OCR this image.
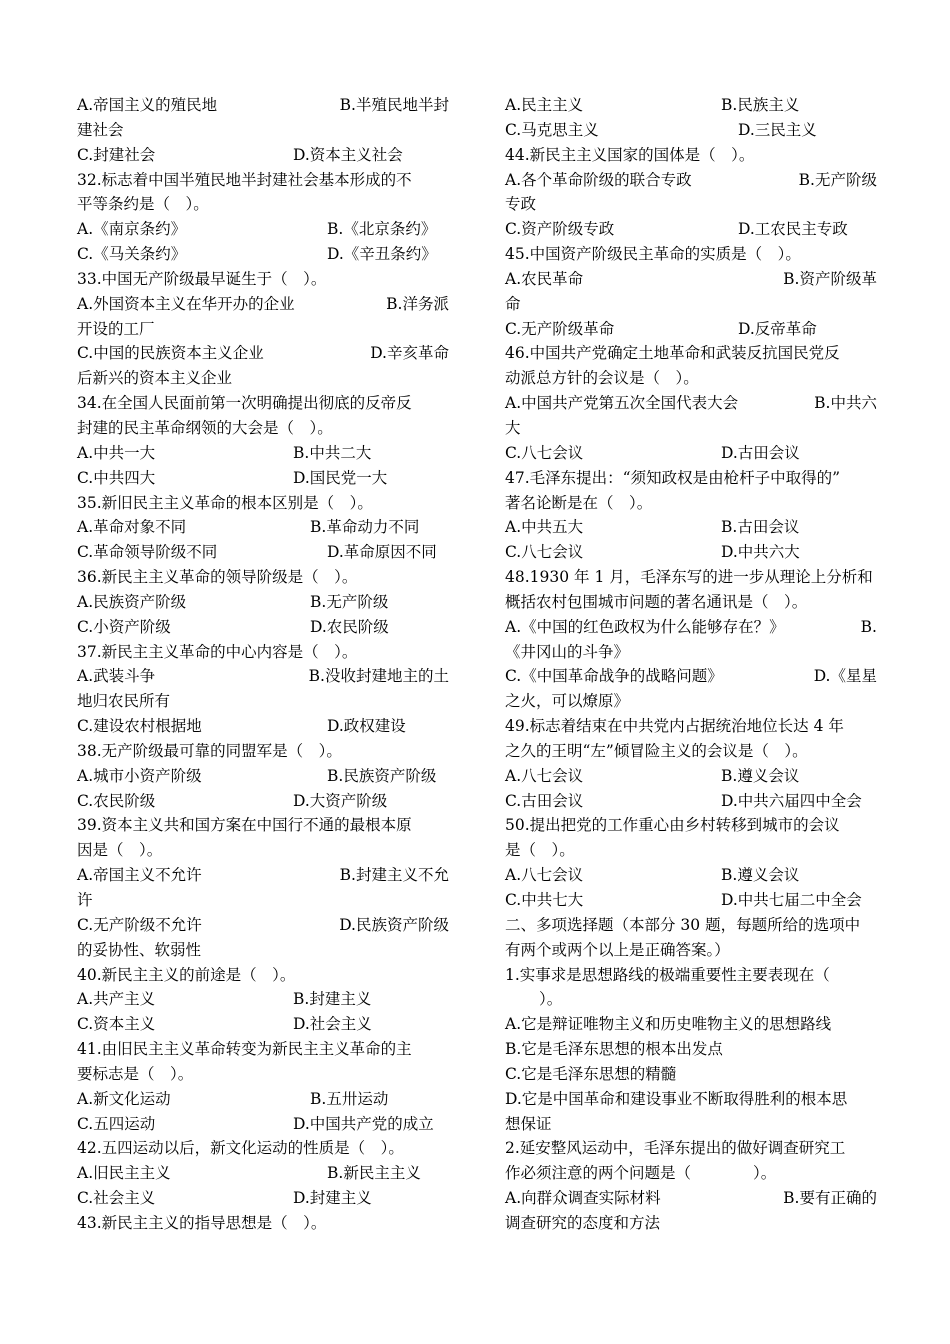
A.帝国主义的殖民地	B.半殖民地半封
建社会
C.封建社会	D.资本主义社会
32.标志着中国半殖民地半封建社会基本形成的不
平等条约是（　）。
A.《南京条约》	B.《北京条约》
C.《马关条约》	D.《辛丑条约》
33.中国无产阶级最早诞生于（　）。
A.外国资本主义在华开办的企业	B.洋务派
开设的工厂
C.中国的民族资本主义企业	D.辛亥革命
后新兴的资本主义企业
34.在全国人民面前第一次明确提出彻底的反帝反
封建的民主革命纲领的大会是（　）。
A.中共一大	B.中共二大
C.中共四大	D.国民党一大
35.新旧民主主义革命的根本区别是（　）。
A.革命对象不同	B.革命动力不同
C.革命领导阶级不同	D.革命原因不同
36.新民主主义革命的领导阶级是（　）。
A.民族资产阶级	B.无产阶级
C.小资产阶级	D.农民阶级
37.新民主主义革命的中心内容是（　）。
A.武装斗争	B.没收封建地主的土
地归农民所有
C.建设农村根据地	D.政权建设
38.无产阶级最可靠的同盟军是（　）。
A.城市小资产阶级	B.民族资产阶级
C.农民阶级	D.大资产阶级
39.资本主义共和国方案在中国行不通的最根本原
因是（　）。
A.帝国主义不允许	B.封建主义不允
许
C.无产阶级不允许	D.民族资产阶级
的妥协性、软弱性
40.新民主主义的前途是（　）。
A.共产主义	B.封建主义
C.资本主义	D.社会主义
41.由旧民主主义革命转变为新民主主义革命的主
要标志是（　）。
A.新文化运动	B.五卅运动
C.五四运动	D.中国共产党的成立
42.五四运动以后，新文化运动的性质是（　）。
A.旧民主主义	B.新民主主义
C.社会主义	D.封建主义
43.新民主主义的指导思想是（　）。
A.民主主义	B.民族主义
C.马克思主义	D.三民主义
44.新民主主义国家的国体是（　）。
A.各个革命阶级的联合专政	B.无产阶级
专政
C.资产阶级专政	D.工农民主专政
45.中国资产阶级民主革命的实质是（　）。
A.农民革命	B.资产阶级革
命
C.无产阶级革命	D.反帝革命
46.中国共产党确定土地革命和武装反抗国民党反
动派总方针的会议是（　）。
A.中国共产党第五次全国代表大会	B.中共六
大
C.八七会议	D.古田会议
47.毛泽东提出：“须知政权是由枪杆子中取得的”
著名论断是在（　）。
A.中共五大	B.古田会议
C.八七会议	D.中共六大
48.1930 年 1 月，毛泽东写的进一步从理论上分析和
概括农村包围城市问题的著名通讯是（　）。
A.《中国的红色政权为什么能够存在？》	B.
《井冈山的斗争》
C.《中国革命战争的战略问题》	D.《星星
之火，可以燎原》
49.标志着结束在中共党内占据统治地位长达 4 年
之久的王明“左”倾冒险主义的会议是（　）。
A.八七会议	B.遵义会议
C.古田会议	D.中共六届四中全会
50.提出把党的工作重心由乡村转移到城市的会议
是（　）。
A.八七会议	B.遵义会议
C.中共七大	D.中共七届二中全会
二、多项选择题（本部分 30 题，每题所给的选项中
有两个或两个以上是正确答案。）
1.实事求是思想路线的极端重要性主要表现在（
）。
A.它是辩证唯物主义和历史唯物主义的思想路线
B.它是毛泽东思想的根本出发点
C.它是毛泽东思想的精髓
D.它是中国革命和建设事业不断取得胜利的根本思
想保证
2.延安整风运动中，毛泽东提出的做好调查研究工
作必须注意的两个问题是（　　　　）。
A.向群众调查实际材料	B.要有正确的
调查研究的态度和方法
